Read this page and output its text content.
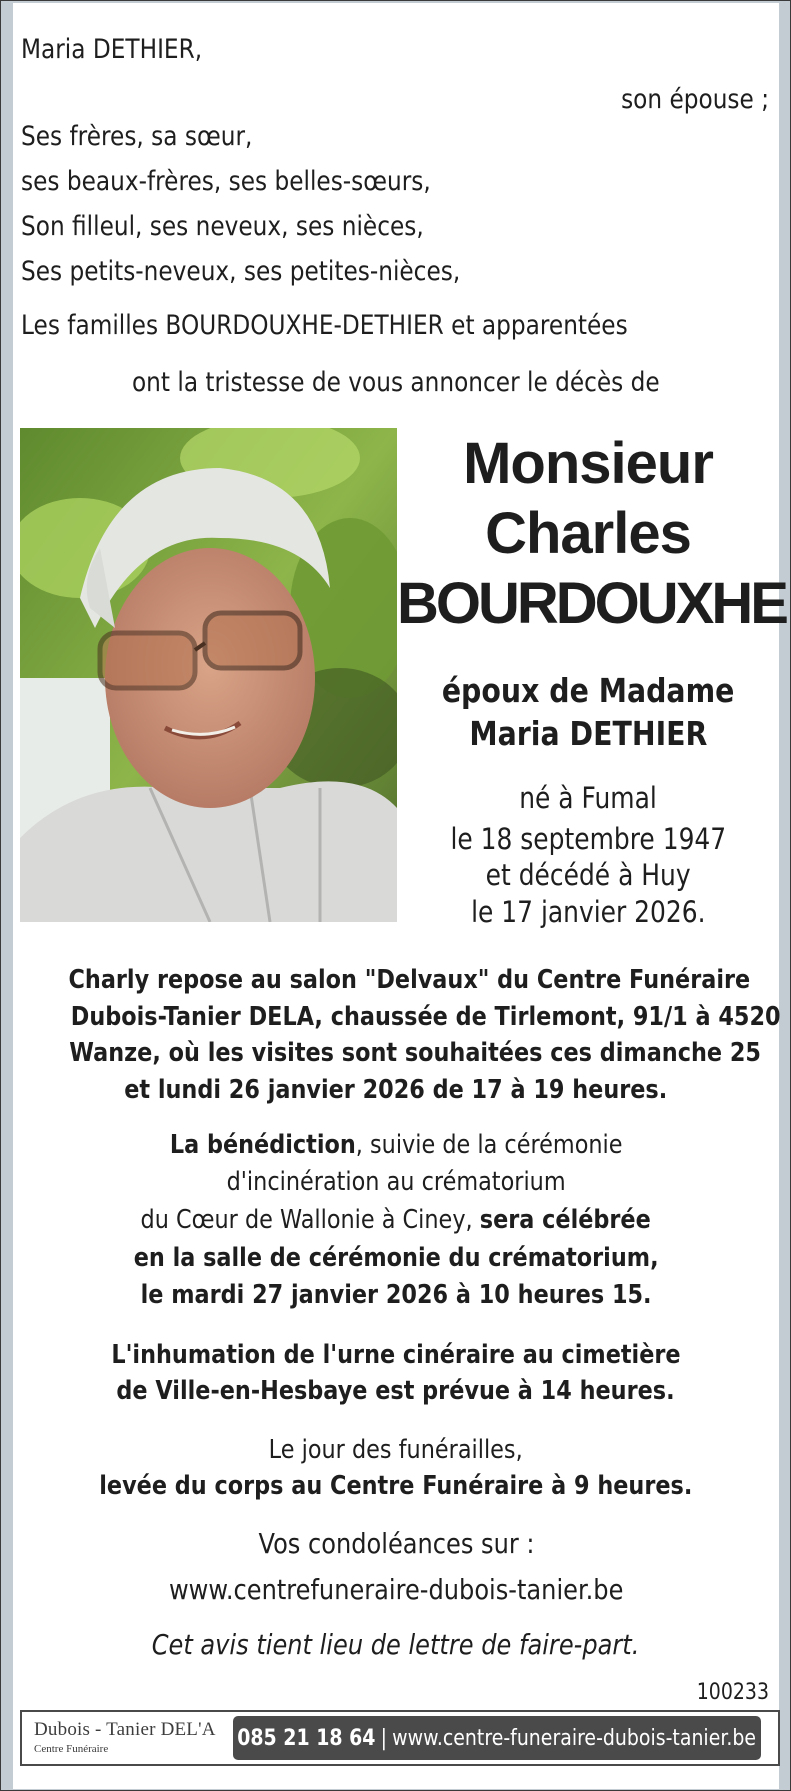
Maria DETHIER,
son épouse ;
Ses frères, sa sœur,
ses beaux-frères, ses belles-sœurs,
Son filleul, ses neveux, ses nièces,
Ses petits-neveux, ses petites-nièces,
Les familles BOURDOUXHE-DETHIER et apparentées
ont la tristesse de vous annoncer le décès de
Monsieur
Charles
BOURDOUXHE
époux de Madame
Maria DETHIER
né à Fumal
le 18 septembre 1947
et décédé à Huy
le 17 janvier 2026.
Charly repose au salon "Delvaux" du Centre Funéraire
Dubois-Tanier DELA, chaussée de Tirlemont, 91/1 à 4520
Wanze, où les visites sont souhaitées ces dimanche 25
et lundi 26 janvier 2026 de 17 à 19 heures.
La bénédiction, suivie de la cérémonie
d'incinération au crématorium
du Cœur de Wallonie à Ciney, sera célébrée
en la salle de cérémonie du crématorium,
le mardi 27 janvier 2026 à 10 heures 15.
L'inhumation de l'urne cinéraire au cimetière
de Ville-en-Hesbaye est prévue à 14 heures.
Le jour des funérailles,
levée du corps au Centre Funéraire à 9 heures.
Vos condoléances sur :
www.centrefuneraire-dubois-tanier.be
Cet avis tient lieu de lettre de faire-part.
100233
Dubois - Tanier DEL'A
Centre Funéraire	085 21 18 64 | www.centre-funeraire-dubois-tanier.be
